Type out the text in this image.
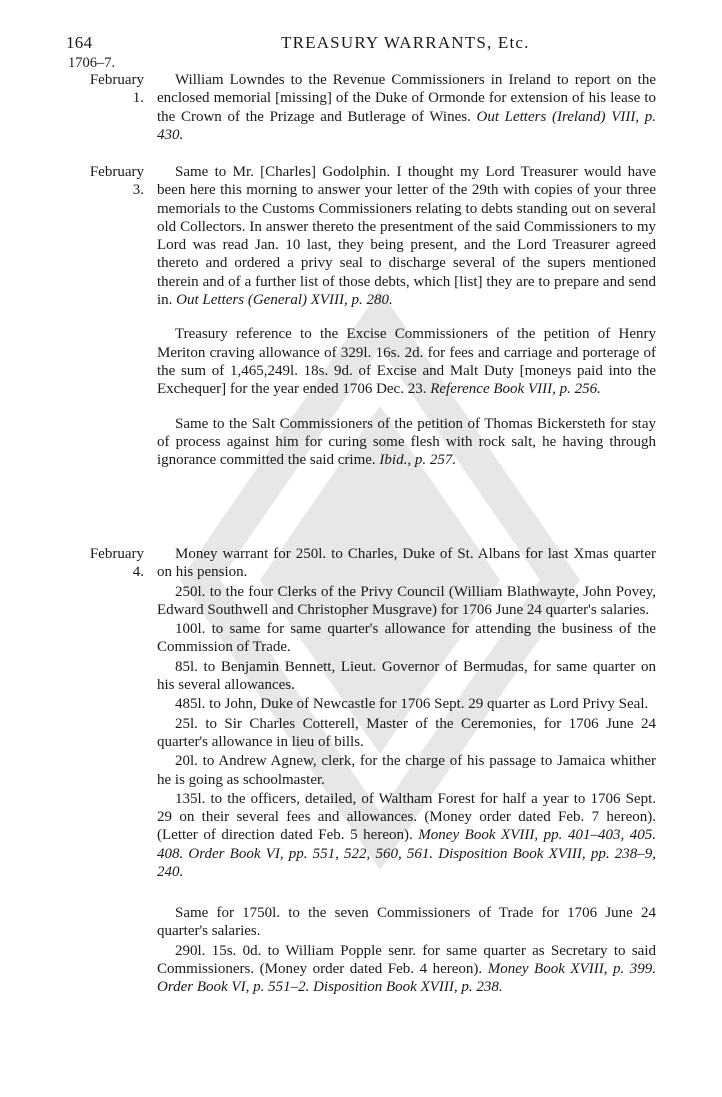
164	TREASURY WARRANTS, Etc.
1706–7.
February
1.

William Lowndes to the Revenue Commissioners in Ireland to report on the enclosed memorial [missing] of the Duke of Ormonde for extension of his lease to the Crown of the Prizage and Butlerage of Wines. Out Letters (Ireland) VIII, p. 430.

February
3.

Same to Mr. [Charles] Godolphin. I thought my Lord Treasurer would have been here this morning to answer your letter of the 29th with copies of your three memorials to the Customs Commissioners relating to debts standing out on several old Collectors. In answer thereto the presentment of the said Commissioners to my Lord was read Jan. 10 last, they being present, and the Lord Treasurer agreed thereto and ordered a privy seal to discharge several of the supers mentioned therein and of a further list of those debts, which [list] they are to prepare and send in. Out Letters (General) XVIII, p. 280.

Treasury reference to the Excise Commissioners of the petition of Henry Meriton craving allowance of 329l. 16s. 2d. for fees and carriage and porterage of the sum of 1,465,249l. 18s. 9d. of Excise and Malt Duty [moneys paid into the Exchequer] for the year ended 1706 Dec. 23. Reference Book VIII, p. 256.

Same to the Salt Commissioners of the petition of Thomas Bickersteth for stay of process against him for curing some flesh with rock salt, he having through ignorance committed the said crime. Ibid., p. 257.

February
4.

Money warrant for 250l. to Charles, Duke of St. Albans for last Xmas quarter on his pension.

250l. to the four Clerks of the Privy Council (William Blathwayte, John Povey, Edward Southwell and Christopher Musgrave) for 1706 June 24 quarter's salaries.

100l. to same for same quarter's allowance for attending the business of the Commission of Trade.

85l. to Benjamin Bennett, Lieut. Governor of Bermudas, for same quarter on his several allowances.

485l. to John, Duke of Newcastle for 1706 Sept. 29 quarter as Lord Privy Seal.

25l. to Sir Charles Cotterell, Master of the Ceremonies, for 1706 June 24 quarter's allowance in lieu of bills.

20l. to Andrew Agnew, clerk, for the charge of his passage to Jamaica whither he is going as schoolmaster.

135l. to the officers, detailed, of Waltham Forest for half a year to 1706 Sept. 29 on their several fees and allowances. (Money order dated Feb. 7 hereon). (Letter of direction dated Feb. 5 hereon). Money Book XVIII, pp. 401–403, 405. 408. Order Book VI, pp. 551, 522, 560, 561. Disposition Book XVIII, pp. 238–9, 240.

Same for 1750l. to the seven Commissioners of Trade for 1706 June 24 quarter's salaries.

290l. 15s. 0d. to William Popple senr. for same quarter as Secretary to said Commissioners. (Money order dated Feb. 4 hereon). Money Book XVIII, p. 399. Order Book VI, p. 551–2. Disposition Book XVIII, p. 238.
